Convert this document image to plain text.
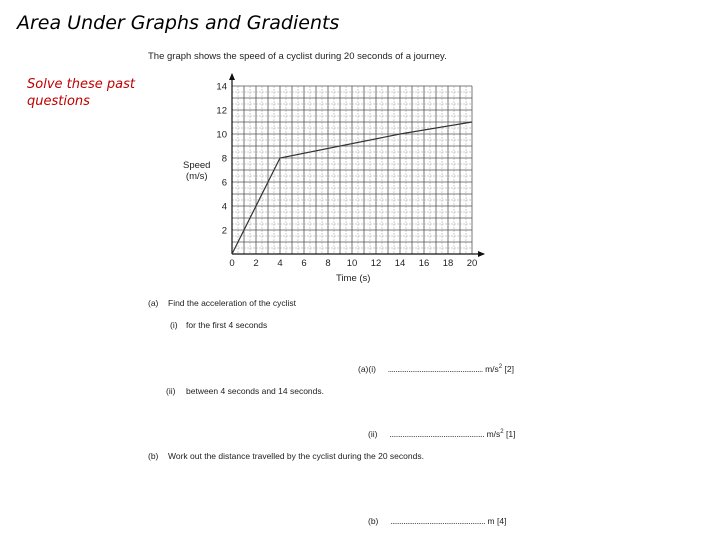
Area Under Graphs and Gradients
Solve these past questions
The graph shows the speed of a cyclist during 20 seconds of a journey.
0 2 4 6 8 10 12 14 16 18 20
2
4
6
8
10
12
14
Speed
(m/s)
Time (s)
(a) Find the acceleration of the cyclist
(i) for the first 4 seconds
(a)(i) ................................................... $m/s^2$ [2]
(ii) between 4 seconds and 14 seconds.
(ii) ................................................... $m/s^2$ [1]
(b) Work out the distance travelled by the cyclist during the 20 seconds.
(b) ................................................... m [4]
